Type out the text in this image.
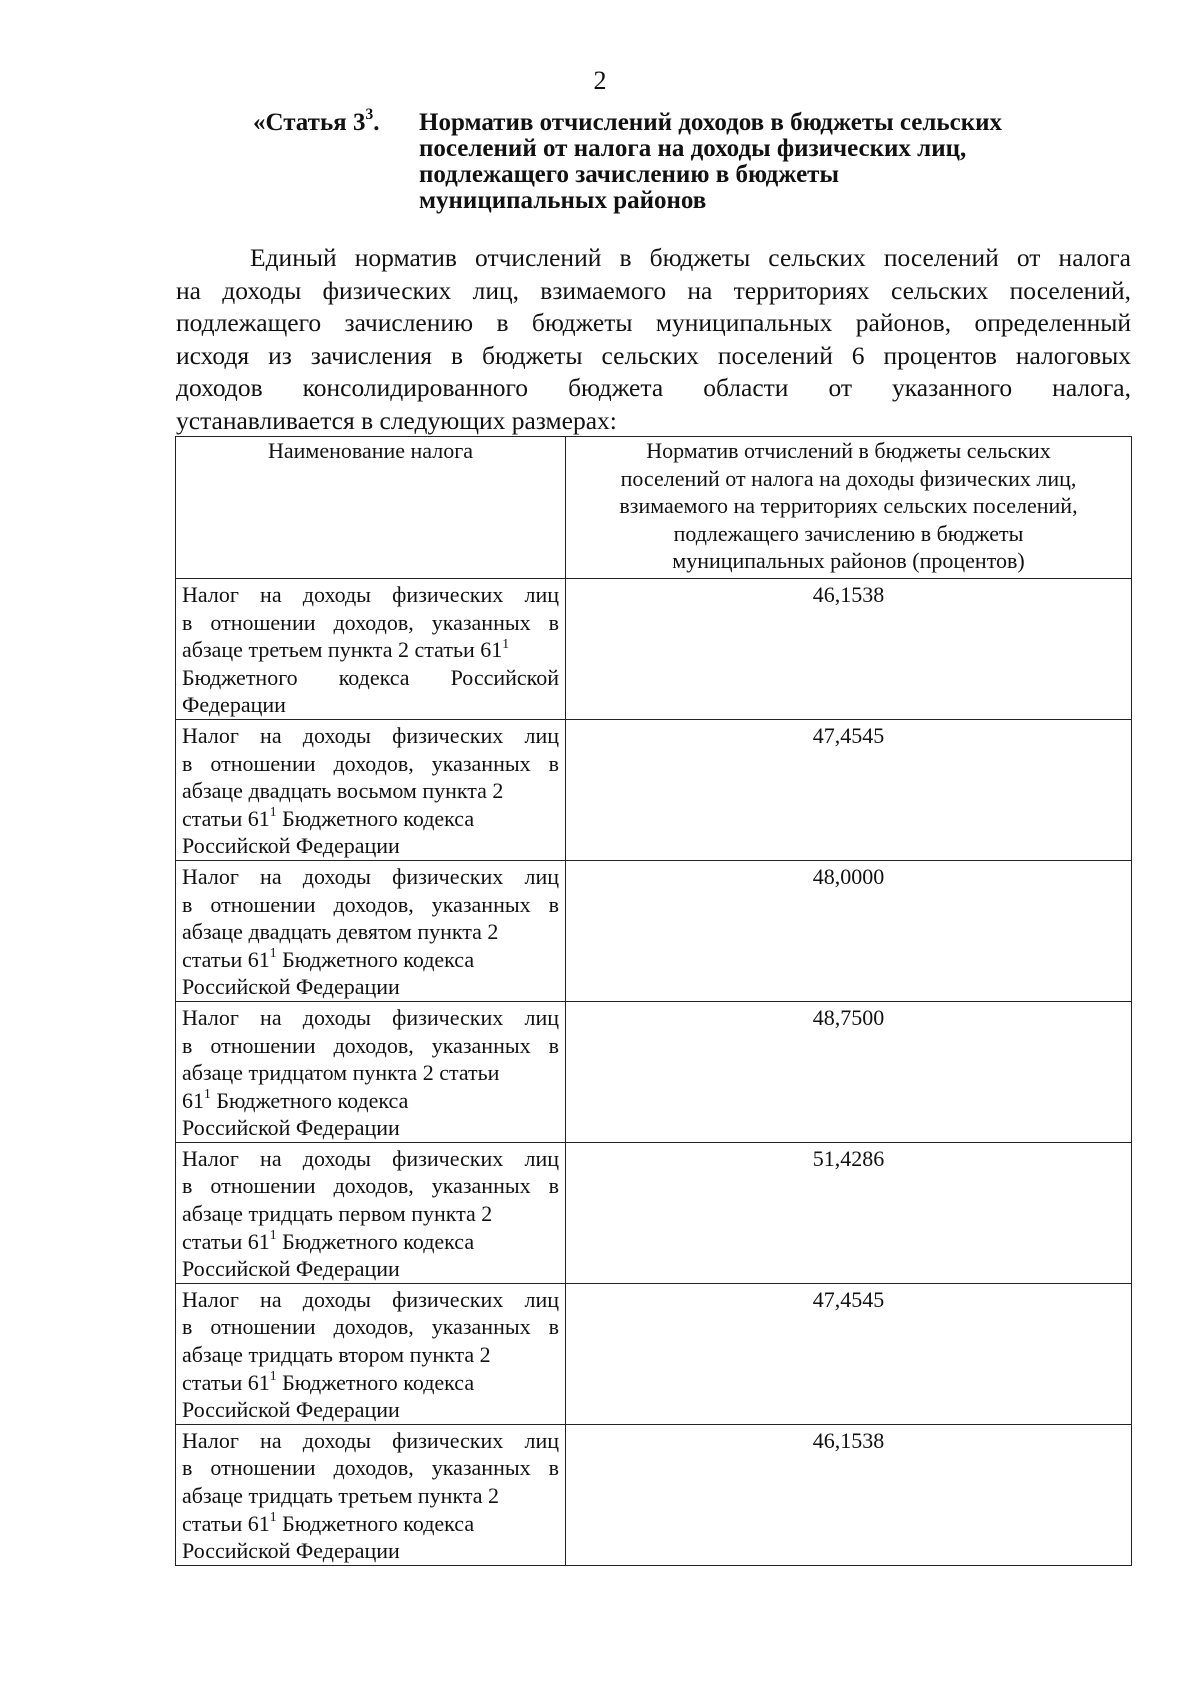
2
«Статья $3^3$.	Норматив отчислений доходов в бюджеты сельских
поселений от налога на доходы физических лиц,
подлежащего зачислению в бюджеты
муниципальных районов

Единый норматив отчислений в бюджеты сельских поселений от налога
на доходы физических лиц, взимаемого на территориях сельских поселений,
подлежащего зачислению в бюджеты муниципальных районов, определенный
исходя из зачисления в бюджеты сельских поселений 6 процентов налоговых
доходов консолидированного бюджета области от указанного налога,
устанавливается в следующих размерах:

Наименование налога	Норматив отчислений в бюджеты сельских
поселений от налога на доходы физических лиц,
взимаемого на территориях сельских поселений,
подлежащего зачислению в бюджеты
муниципальных районов (процентов)

Налог на доходы физических лиц
в отношении доходов, указанных в
абзаце третьем пункта 2 статьи $61^1$
Бюджетного кодекса Российской
Федерации	46,1538

Налог на доходы физических лиц
в отношении доходов, указанных в
абзаце двадцать восьмом пункта 2
статьи $61^1$ Бюджетного кодекса
Российской Федерации	47,4545

Налог на доходы физических лиц
в отношении доходов, указанных в
абзаце двадцать девятом пункта 2
статьи $61^1$ Бюджетного кодекса
Российской Федерации	48,0000

Налог на доходы физических лиц
в отношении доходов, указанных в
абзаце тридцатом пункта 2 статьи
$61^1$ Бюджетного кодекса
Российской Федерации	48,7500

Налог на доходы физических лиц
в отношении доходов, указанных в
абзаце тридцать первом пункта 2
статьи $61^1$ Бюджетного кодекса
Российской Федерации	51,4286

Налог на доходы физических лиц
в отношении доходов, указанных в
абзаце тридцать втором пункта 2
статьи $61^1$ Бюджетного кодекса
Российской Федерации	47,4545

Налог на доходы физических лиц
в отношении доходов, указанных в
абзаце тридцать третьем пункта 2
статьи $61^1$ Бюджетного кодекса
Российской Федерации	46,1538
